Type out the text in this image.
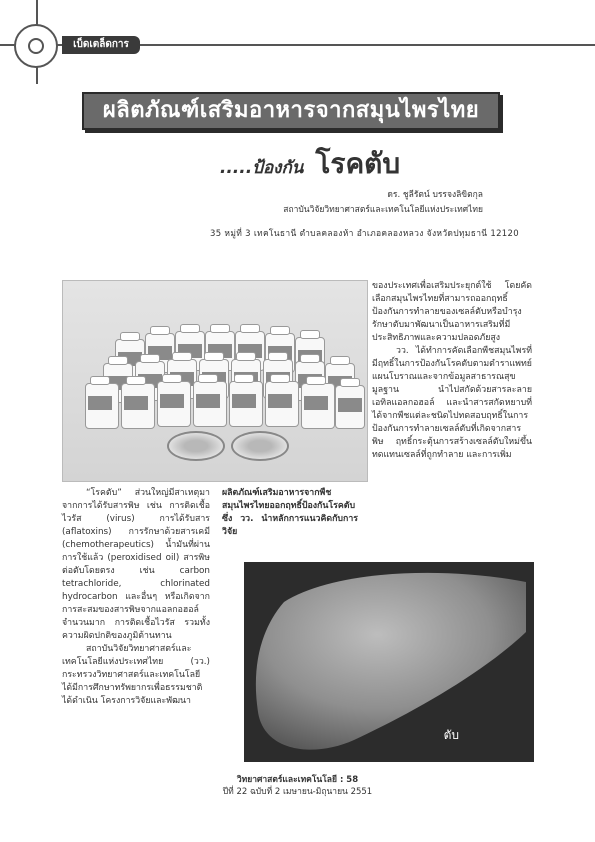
เบ็ดเตล็ดการไฟฟ้า
ผลิตภัณฑ์เสริมอาหารจากสมุนไพรไทย
.....ป้องกัน โรคตับ
ดร. ชูลีรัตน์ บรรจงลิขิตกุล
สถาบันวิจัยวิทยาศาสตร์และเทคโนโลยีแห่งประเทศไทย
35 หมู่ที่ 3 เทคโนธานี ตำบลคลองห้า อำเภอคลองหลวง จังหวัดปทุมธานี 12120

ของประเทศเพื่อเสริมประยุกต์ใช้ โดยคัดเลือกสมุนไพรไทยที่สามารถออกฤทธิ์ป้องกันการทำลายของเซลล์ตับหรือบำรุงรักษาตับมาพัฒนาเป็นอาหารเสริมที่มีประสิทธิภาพและความปลอดภัยสูง

วว. ได้ทำการคัดเลือกพืชสมุนไพรที่มีฤทธิ์ในการป้องกันโรคตับตามตำราแพทย์แผนโบราณและจากข้อมูลสาธารณสุขมูลฐาน นำไปสกัดด้วยสารละลายเอทิลแอลกอฮอล์ และนำสารสกัดหยาบที่ได้จากพืชแต่ละชนิดไปทดสอบฤทธิ์ในการป้องกันการทำลายเซลล์ตับที่เกิดจากสารพิษ ฤทธิ์กระตุ้นการสร้างเซลล์ตับใหม่ขึ้นทดแทนเซลล์ที่ถูกทำลาย และการเพิ่ม

“โรคตับ” ส่วนใหญ่มีสาเหตุมาจากการได้รับสารพิษ เช่น การติดเชื้อไวรัส (virus) การได้รับสาร (aflatoxins) การรักษาด้วยสารเคมี (chemotherapeutics) น้ำมันที่ผ่านการใช้แล้ว (peroxidised oil) สารพิษต่อตับโดยตรง เช่น carbon tetrachloride, chlorinated hydrocarbon และอื่นๆ หรือเกิดจากการสะสมของสารพิษจากแอลกอฮอล์จำนวนมาก การติดเชื้อไวรัส รวมทั้งความผิดปกติของภูมิต้านทาน

สถาบันวิจัยวิทยาศาสตร์และเทคโนโลยีแห่งประเทศไทย (วว.) กระทรวงวิทยาศาสตร์และเทคโนโลยี ได้มีการศึกษาทรัพยากรเพื่อธรรมชาติได้ดำเนิน โครงการวิจัยและพัฒนา

ผลิตภัณฑ์เสริมอาหารจากพืชสมุนไพรไทยออกฤทธิ์ป้องกันโรคตับ ซึ่ง วว. นำหลักการแนวคิดกับการวิจัย

ตับ
วิทยาศาสตร์และเทคโนโลยี : 58
ปีที่ 22 ฉบับที่ 2 เมษายน-มิถุนายน 2551
